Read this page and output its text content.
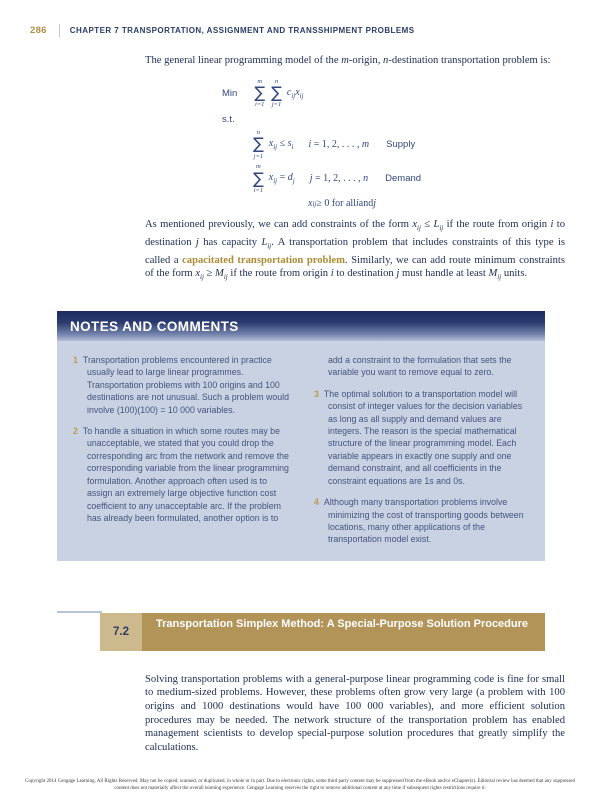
286	CHAPTER 7 TRANSPORTATION, ASSIGNMENT AND TRANSSHIPMENT PROBLEMS

The general linear programming model of the m-origin, n-destination transportation problem is:

Min
m
∑
i=1
n
∑
j=1
$c_{ij}x_{ij}$
s.t.
n
∑
j=1
$x_{ij} \le s_i$ i = 1, 2, . . . , m Supply
m
∑
i=1
$x_{ij} = d_j$ j = 1, 2, . . . , n Demand
x ij ≥ 0 for all i and j

As mentioned previously, we can add constraints of the form $x_{ij} \le L_{ij}$ if the route from origin i to destination j has capacity $L_{ij}$. A transportation problem that includes constraints of this type is called a capacitated transportation problem. Similarly, we can add route minimum constraints of the form $x_{ij} \ge M_{ij}$ if the route from origin i to destination j must handle at least $M_{ij}$ units.

NOTES AND COMMENTS
1 Transportation problems encountered in practice usually lead to large linear programmes. Transportation problems with 100 origins and 100 destinations are not unusual. Such a problem would involve (100)(100) = 10 000 variables.
2 To handle a situation in which some routes may be unacceptable, we stated that you could drop the corresponding arc from the network and remove the corresponding variable from the linear programming formulation. Another approach often used is to assign an extremely large objective function cost coefficient to any unacceptable arc. If the problem has already been formulated, another option is to add a constraint to the formulation that sets the variable you want to remove equal to zero.
3 The optimal solution to a transportation model will consist of integer values for the decision variables as long as all supply and demand values are integers. The reason is the special mathematical structure of the linear programming model. Each variable appears in exactly one supply and one demand constraint, and all coefficients in the constraint equations are 1s and 0s.
4 Although many transportation problems involve minimizing the cost of transporting goods between locations, many other applications of the transportation model exist.
7.2
Transportation Simplex Method: A Special-Purpose Solution Procedure

Solving transportation problems with a general-purpose linear programming code is fine for small to medium-sized problems. However, these problems often grow very large (a problem with 100 origins and 1000 destinations would have 100 000 variables), and more efficient solution procedures may be needed. The network structure of the transportation problem has enabled management scientists to develop special-purpose solution procedures that greatly simplify the calculations.

Copyright 2014 Cengage Learning. All Rights Reserved. May not be copied, scanned, or duplicated, in whole or in part. Due to electronic rights, some third party content may be suppressed from the eBook and/or eChapter(s). Editorial review has deemed that any suppressed content does not materially affect the overall learning experience. Cengage Learning reserves the right to remove additional content at any time if subsequent rights restrictions require it.
